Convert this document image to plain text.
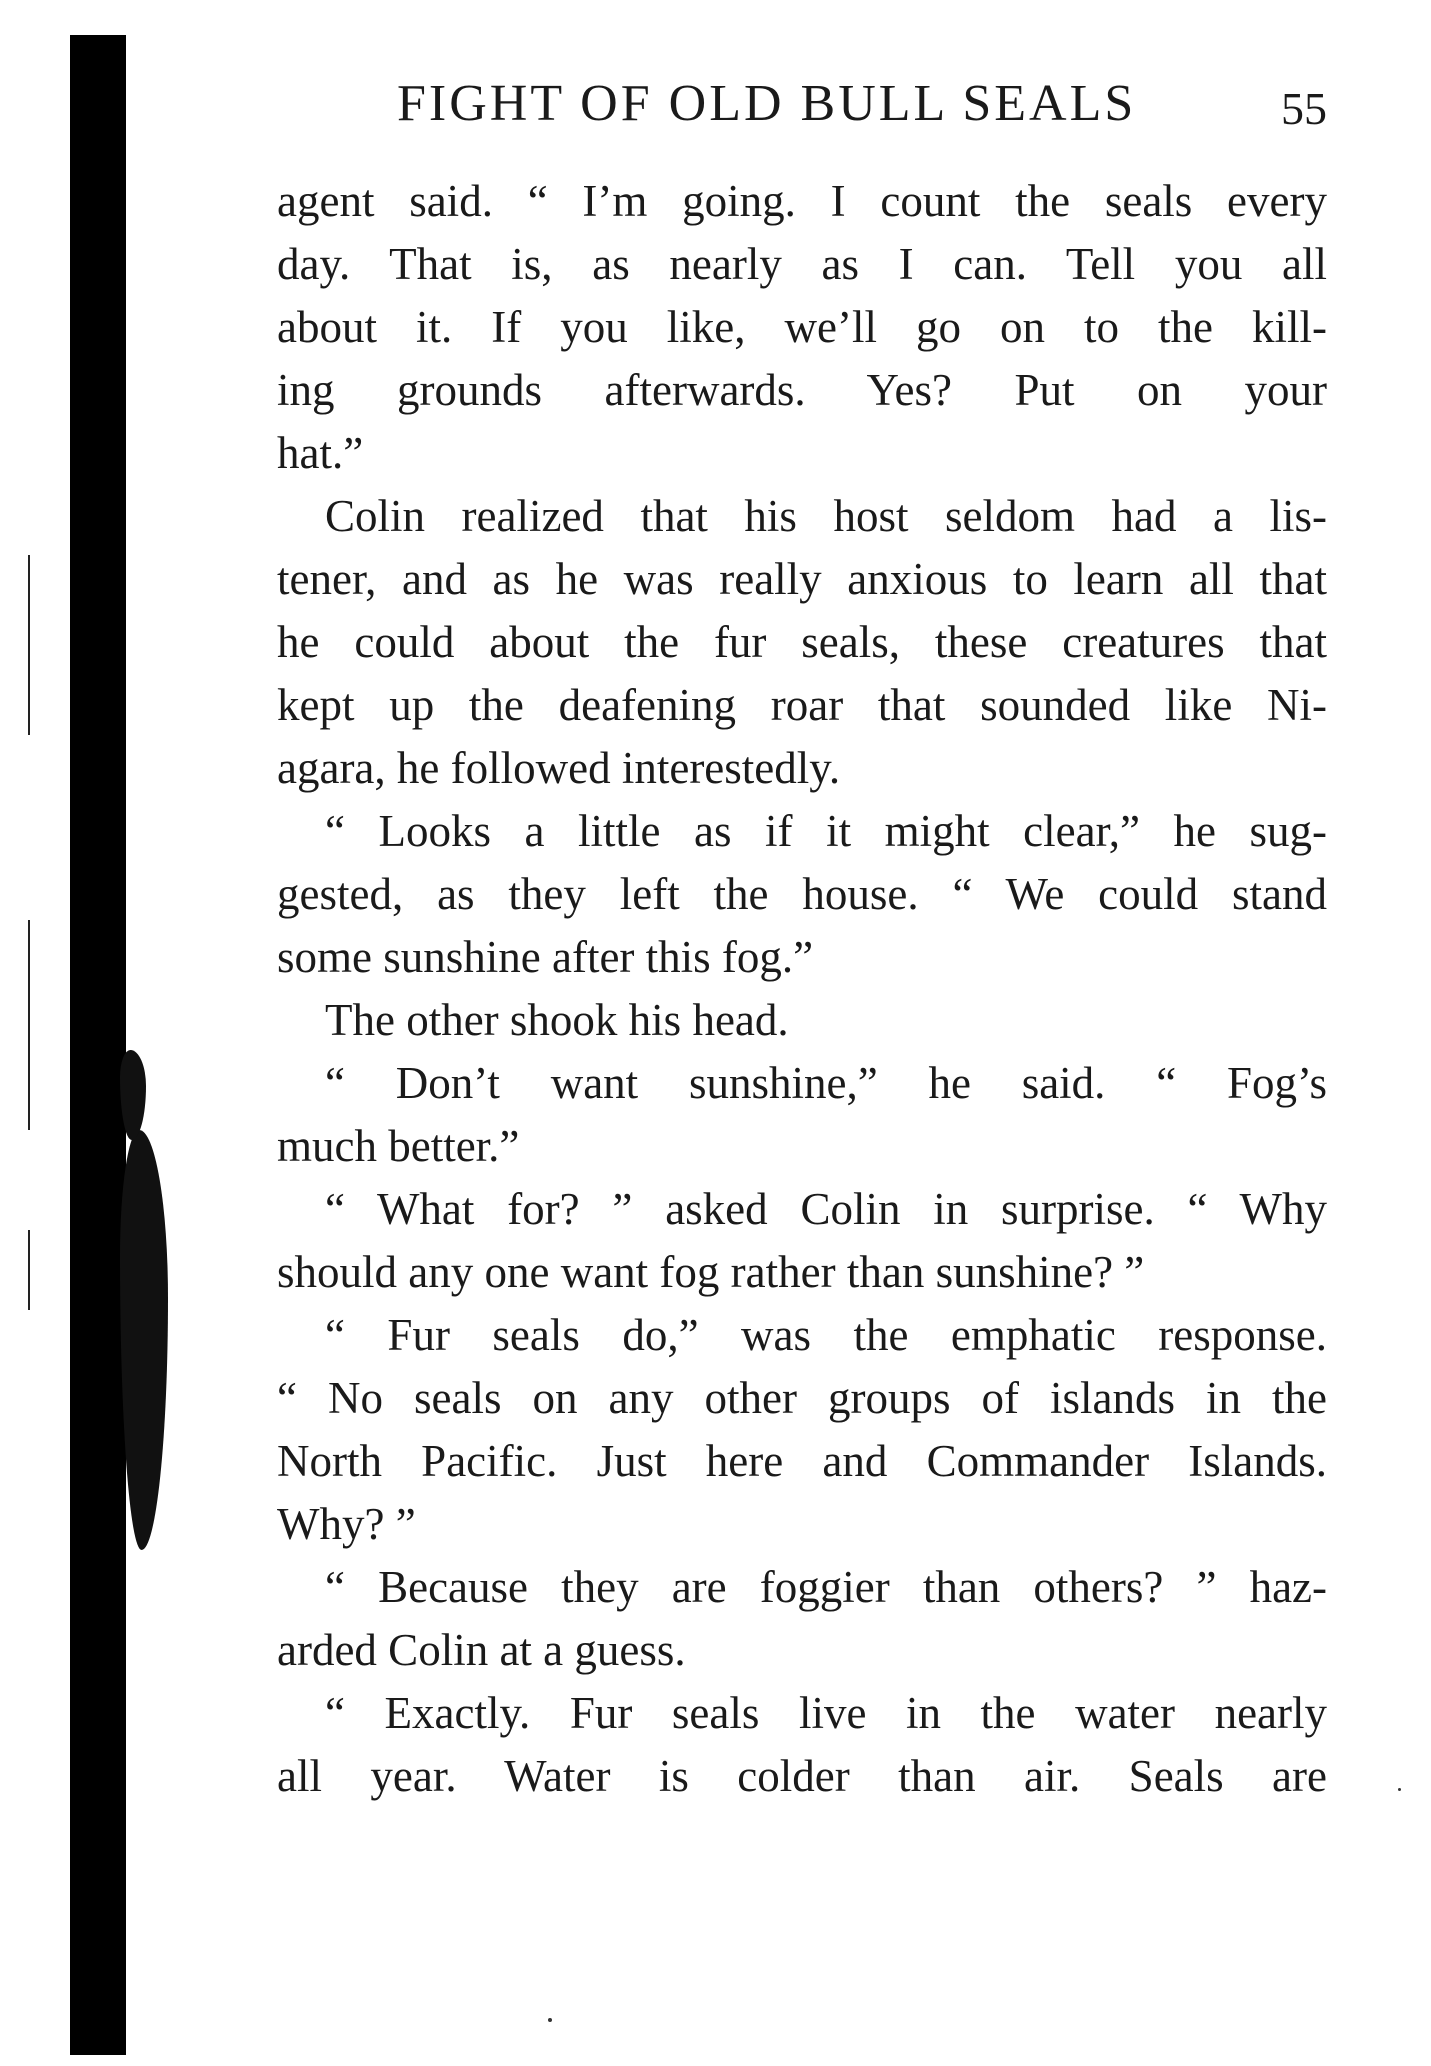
FIGHT OF OLD BULL SEALS	55
agent said. “ I’m going. I count the seals every
day. That is, as nearly as I can. Tell you all
about it. If you like, we’ll go on to the kill-
ing grounds afterwards. Yes? Put on your
hat.”
Colin realized that his host seldom had a lis-
tener, and as he was really anxious to learn all that
he could about the fur seals, these creatures that
kept up the deafening roar that sounded like Ni-
agara, he followed interestedly.
“ Looks a little as if it might clear,” he sug-
gested, as they left the house. “ We could stand
some sunshine after this fog.”
The other shook his head.
“ Don’t want sunshine,” he said. “ Fog’s
much better.”
“ What for? ” asked Colin in surprise. “ Why
should any one want fog rather than sunshine? ”
“ Fur seals do,” was the emphatic response.
“ No seals on any other groups of islands in the
North Pacific. Just here and Commander Islands.
Why? ”
“ Because they are foggier than others? ” haz-
arded Colin at a guess.
“ Exactly. Fur seals live in the water nearly
all year. Water is colder than air. Seals are
